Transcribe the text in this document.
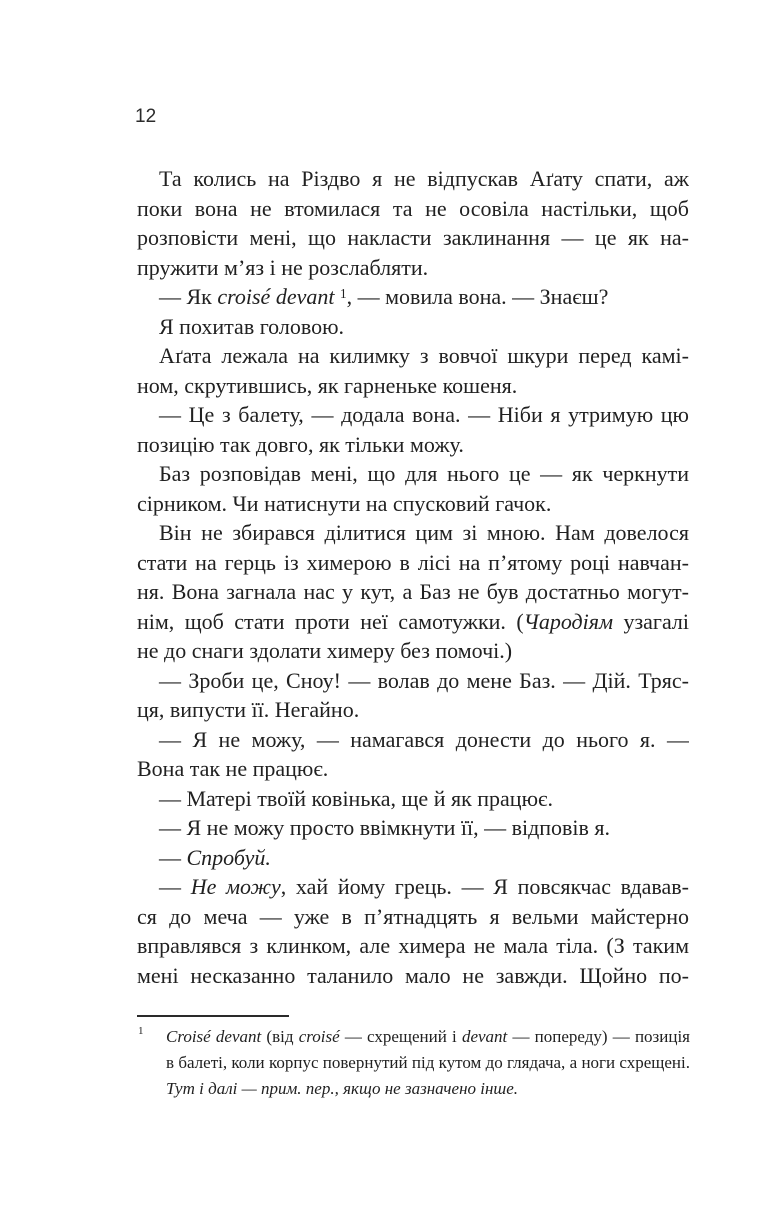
12
Та колись на Різдво я не відпускав Аґату спати, аж
поки вона не втомилася та не осовіла настільки, щоб
розповісти мені, що накласти заклинання — це як на-
пружити м’яз і не розслабляти.
— Як croisé devant $^1$, — мовила вона. — Знаєш?
Я похитав головою.
Аґата лежала на килимку з вовчої шкури перед камі-
ном, скрутившись, як гарненьке кошеня.
— Це з балету, — додала вона. — Ніби я утримую цю
позицію так довго, як тільки можу.
Баз розповідав мені, що для нього це — як черкнути
сірником. Чи натиснути на спусковий гачок.
Він не збирався ділитися цим зі мною. Нам довелося
стати на герць із химерою в лісі на п’ятому році навчан-
ня. Вона загнала нас у кут, а Баз не був достатньо могут-
нім, щоб стати проти неї самотужки. (Чародіям узагалі
не до снаги здолати химеру без помочі.)
— Зроби це, Сноу! — волав до мене Баз. — Дій. Тряс-
ця, випусти її. Негайно.
— Я не можу, — намагався донести до нього я. —
Вона так не працює.
— Матері твоїй ковінька, ще й як працює.
— Я не можу просто ввімкнути її, — відповів я.
— Спробуй.
— Не можу, хай йому грець. — Я повсякчас вдавав-
ся до меча — уже в п’ятнадцять я вельми майстерно
вправлявся з клинком, але химера не мала тіла. (З таким
мені несказанно таланило мало не завжди. Щойно по-
1 Croisé devant (від croisé — схрещений і devant — попереду) — позиція
в балеті, коли корпус повернутий під кутом до глядача, а ноги схрещені.
Тут і далі — прим. пер., якщо не зазначено інше.
